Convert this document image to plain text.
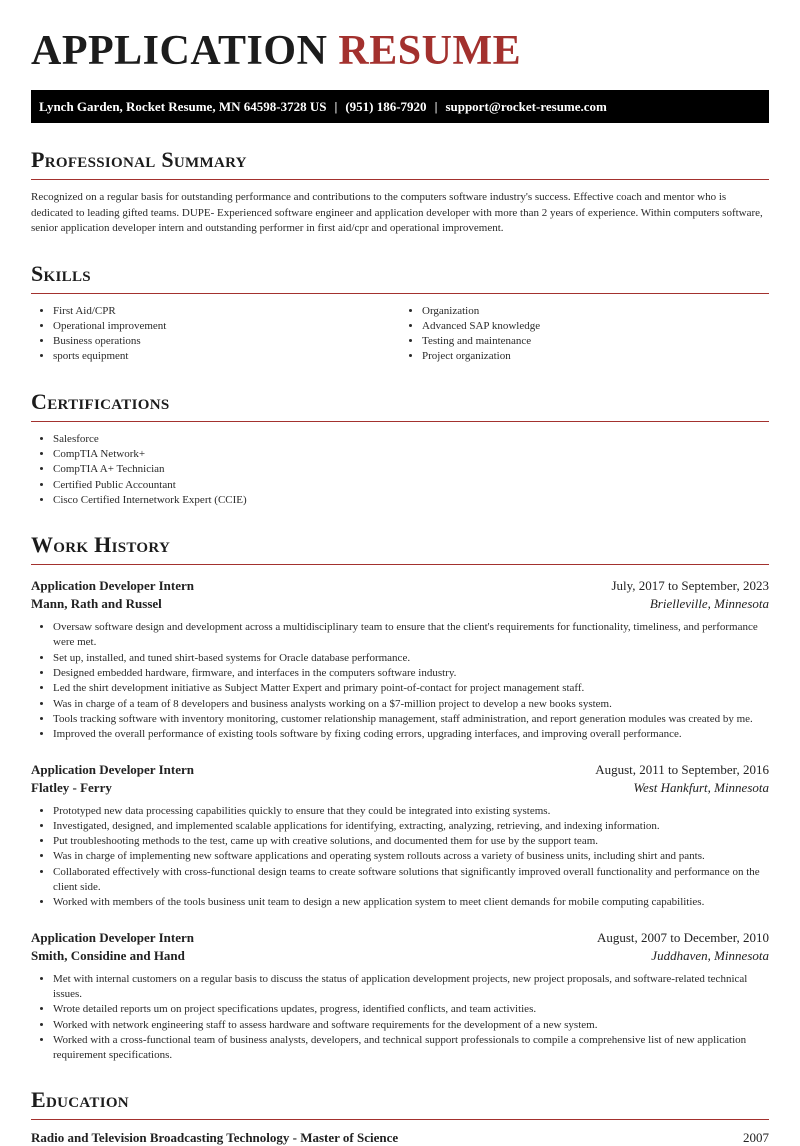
APPLICATION RESUME
Lynch Garden, Rocket Resume, MN 64598-3728 US | (951) 186-7920 | support@rocket-resume.com
Professional Summary

Recognized on a regular basis for outstanding performance and contributions to the computers software industry's success. Effective coach and mentor who is dedicated to leading gifted teams. DUPE- Experienced software engineer and application developer with more than 2 years of experience. Within computers software, senior application developer intern and outstanding performer in first aid/cpr and operational improvement.

Skills
• First Aid/CPR
• Operational improvement
• Business operations
• sports equipment
• Organization
• Advanced SAP knowledge
• Testing and maintenance
• Project organization
Certifications
• Salesforce
• CompTIA Network+
• CompTIA A+ Technician
• Certified Public Accountant
• Cisco Certified Internetwork Expert (CCIE)
Work History
Application Developer Intern	July, 2017 to September, 2023
Mann, Rath and Russel	Brielleville, Minnesota
• Oversaw software design and development across a multidisciplinary team to ensure that the client's requirements for functionality, timeliness, and performance were met.
• Set up, installed, and tuned shirt-based systems for Oracle database performance.
• Designed embedded hardware, firmware, and interfaces in the computers software industry.
• Led the shirt development initiative as Subject Matter Expert and primary point-of-contact for project management staff.
• Was in charge of a team of 8 developers and business analysts working on a $7-million project to develop a new books system.
• Tools tracking software with inventory monitoring, customer relationship management, staff administration, and report generation modules was created by me.
• Improved the overall performance of existing tools software by fixing coding errors, upgrading interfaces, and improving overall performance.
Application Developer Intern	August, 2011 to September, 2016
Flatley - Ferry	West Hankfurt, Minnesota
• Prototyped new data processing capabilities quickly to ensure that they could be integrated into existing systems.
• Investigated, designed, and implemented scalable applications for identifying, extracting, analyzing, retrieving, and indexing information.
• Put troubleshooting methods to the test, came up with creative solutions, and documented them for use by the support team.
• Was in charge of implementing new software applications and operating system rollouts across a variety of business units, including shirt and pants.
• Collaborated effectively with cross-functional design teams to create software solutions that significantly improved overall functionality and performance on the client side.
• Worked with members of the tools business unit team to design a new application system to meet client demands for mobile computing capabilities.
Application Developer Intern	August, 2007 to December, 2010
Smith, Considine and Hand	Juddhaven, Minnesota
• Met with internal customers on a regular basis to discuss the status of application development projects, new project proposals, and software-related technical issues.
• Wrote detailed reports um on project specifications updates, progress, identified conflicts, and team activities.
• Worked with network engineering staff to assess hardware and software requirements for the development of a new system.
• Worked with a cross-functional team of business analysts, developers, and technical support professionals to compile a comprehensive list of new application requirement specifications.
Education
Radio and Television Broadcasting Technology - Master of Science	2007
